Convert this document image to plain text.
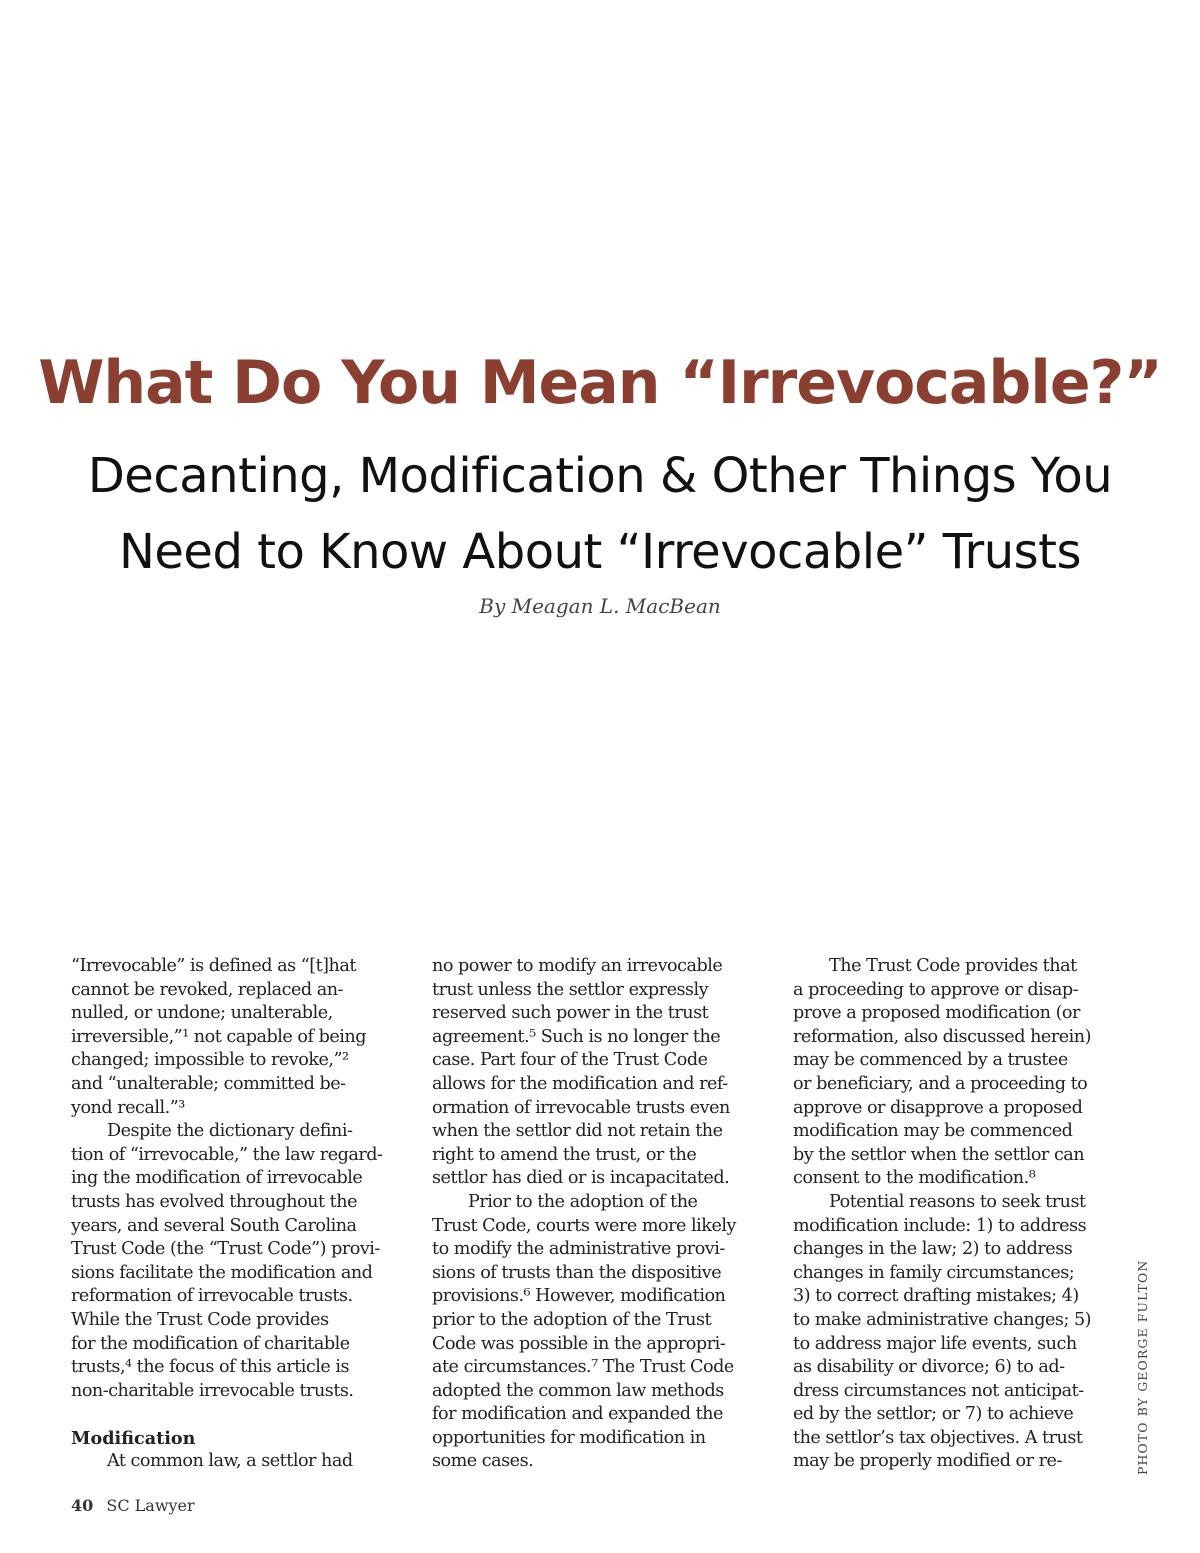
What Do You Mean “Irrevocable?”
Decanting, Modification & Other Things You
Need to Know About “Irrevocable” Trusts
By Meagan L. MacBean
“Irrevocable” is defined as “[t]hat
cannot be revoked, replaced an-
nulled, or undone; unalterable,
irreversible,”¹ not capable of being
changed; impossible to revoke,”²
and “unalterable; committed be-
yond recall.”³
Despite the dictionary defini-
tion of “irrevocable,” the law regard-
ing the modification of irrevocable
trusts has evolved throughout the
years, and several South Carolina
Trust Code (the “Trust Code”) provi-
sions facilitate the modification and
reformation of irrevocable trusts.
While the Trust Code provides
for the modification of charitable
trusts,⁴ the focus of this article is
non-charitable irrevocable trusts.
Modification
At common law, a settlor had
no power to modify an irrevocable
trust unless the settlor expressly
reserved such power in the trust
agreement.⁵ Such is no longer the
case. Part four of the Trust Code
allows for the modification and ref-
ormation of irrevocable trusts even
when the settlor did not retain the
right to amend the trust, or the
settlor has died or is incapacitated.
Prior to the adoption of the
Trust Code, courts were more likely
to modify the administrative provi-
sions of trusts than the dispositive
provisions.⁶ However, modification
prior to the adoption of the Trust
Code was possible in the appropri-
ate circumstances.⁷ The Trust Code
adopted the common law methods
for modification and expanded the
opportunities for modification in
some cases.
The Trust Code provides that
a proceeding to approve or disap-
prove a proposed modification (or
reformation, also discussed herein)
may be commenced by a trustee
or beneficiary, and a proceeding to
approve or disapprove a proposed
modification may be commenced
by the settlor when the settlor can
consent to the modification.⁸
Potential reasons to seek trust
modification include: 1) to address
changes in the law; 2) to address
changes in family circumstances;
3) to correct drafting mistakes; 4)
to make administrative changes; 5)
to address major life events, such
as disability or divorce; 6) to ad-
dress circumstances not anticipat-
ed by the settlor; or 7) to achieve
the settlor’s tax objectives. A trust
may be properly modified or re-	PHOTO BY GEORGE FULTON
40 SC Lawyer
